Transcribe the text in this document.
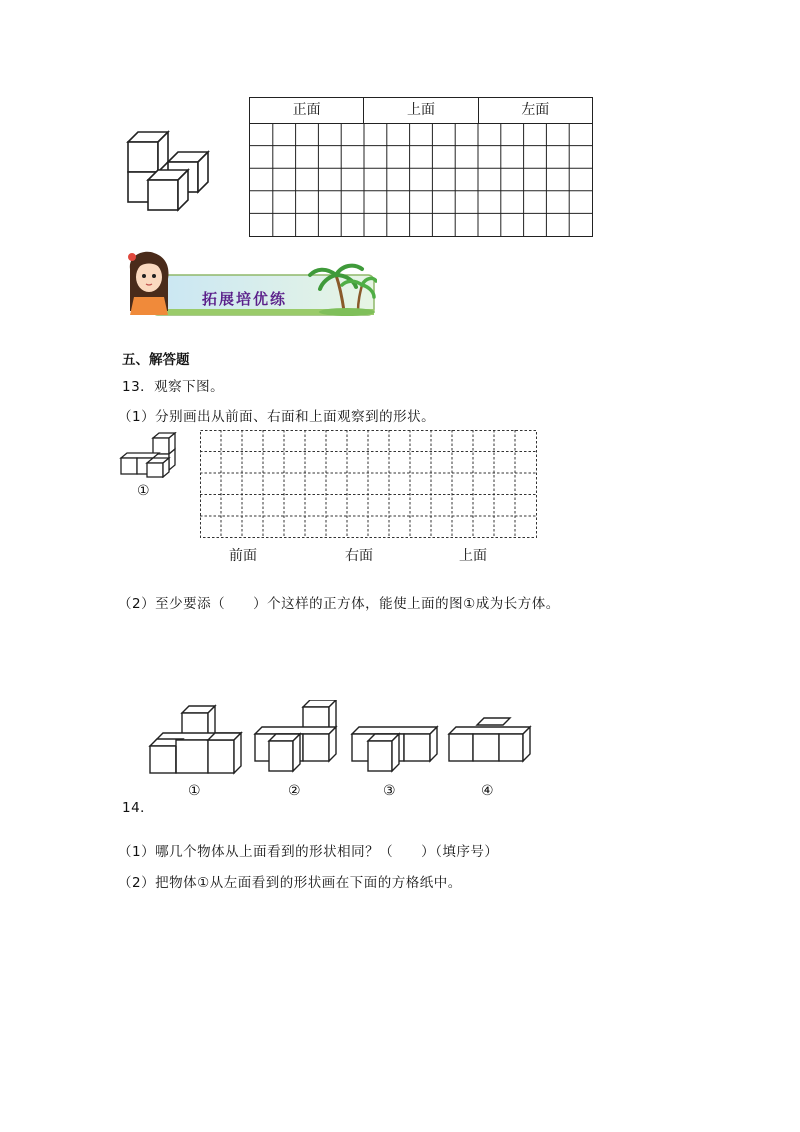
正面	上面	左面
拓展培优练
五、解答题
13．观察下图。
（1）分别画出从前面、右面和上面观察到的形状。
①
前面	右面	上面
（2）至少要添（　　）个这样的正方体，能使上面的图①成为长方体。
①	②	③	④
14．
（1）哪几个物体从上面看到的形状相同？（　　）（填序号）
（2）把物体①从左面看到的形状画在下面的方格纸中。
